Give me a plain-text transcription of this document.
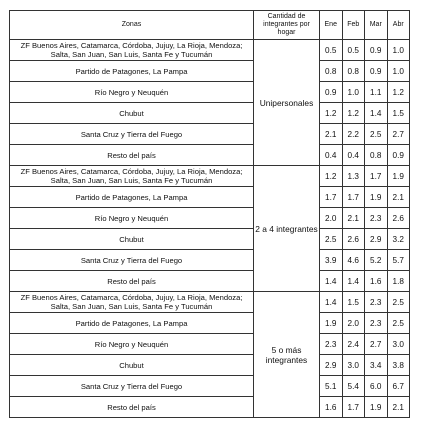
Zonas	Cantidad de integrantes por hogar	Ene	Feb	Mar	Abr
ZF Buenos Aires, Catamarca, Córdoba, Jujuy, La Rioja, Mendoza; Salta, San Juan, San Luis, Santa Fe y Tucumán	Unipersonales	0.5	0.5	0.9	1.0
Partido de Patagones, La Pampa		0.8	0.8	0.9	1.0
Río Negro y Neuquén		0.9	1.0	1.1	1.2
Chubut		1.2	1.2	1.4	1.5
Santa Cruz y Tierra del Fuego		2.1	2.2	2.5	2.7
Resto del país		0.4	0.4	0.8	0.9
ZF Buenos Aires, Catamarca, Córdoba, Jujuy, La Rioja, Mendoza; Salta, San Juan, San Luis, Santa Fe y Tucumán	2 a 4 integrantes	1.2	1.3	1.7	1.9
Partido de Patagones, La Pampa		1.7	1.7	1.9	2.1
Río Negro y Neuquén		2.0	2.1	2.3	2.6
Chubut		2.5	2.6	2.9	3.2
Santa Cruz y Tierra del Fuego		3.9	4.6	5.2	5.7
Resto del país		1.4	1.4	1.6	1.8
ZF Buenos Aires, Catamarca, Córdoba, Jujuy, La Rioja, Mendoza; Salta, San Juan, San Luis, Santa Fe y Tucumán	5 o más integrantes	1.4	1.5	2.3	2.5
Partido de Patagones, La Pampa		1.9	2.0	2.3	2.5
Río Negro y Neuquén		2.3	2.4	2.7	3.0
Chubut		2.9	3.0	3.4	3.8
Santa Cruz y Tierra del Fuego		5.1	5.4	6.0	6.7
Resto del país		1.6	1.7	1.9	2.1
